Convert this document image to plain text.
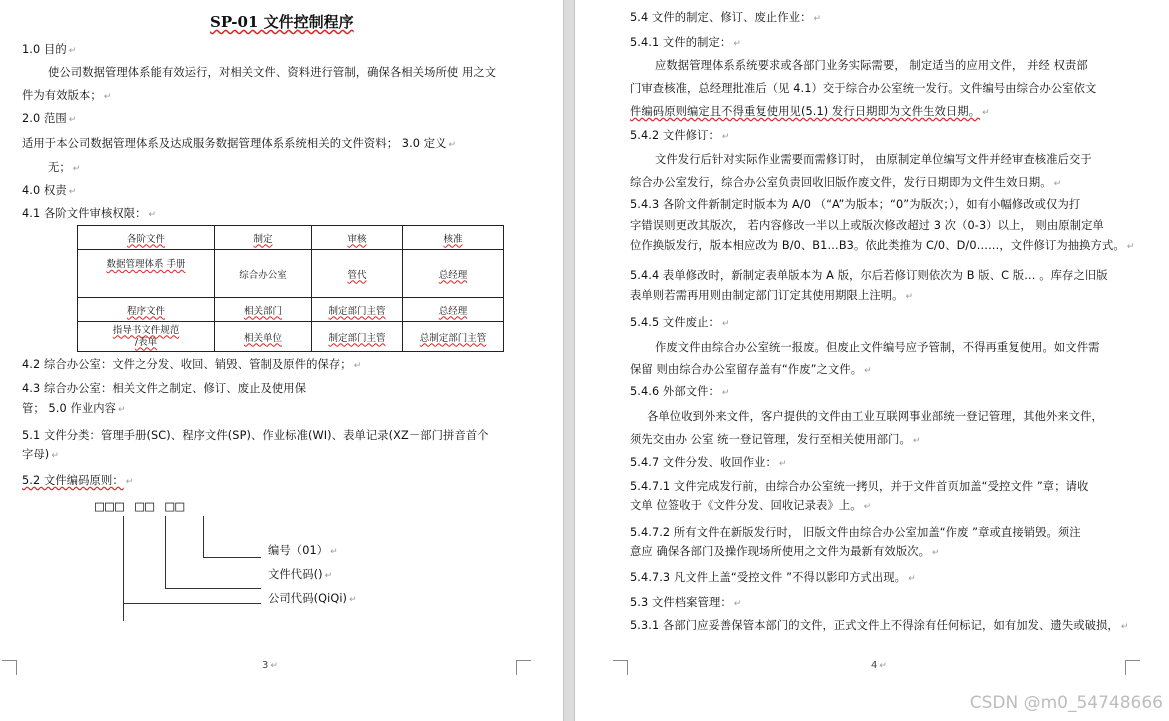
SP-01 文件控制程序
1.0 目的 ↵
使公司数据管理体系能有效运行，对相关文件、资料进行管制，确保各相关场所使 用之文
件为有效版本； ↵
2.0 范围 ↵
适用于本公司数据管理体系及达成服务数据管理体系系统相关的文件资料； 3.0 定义 ↵
无； ↵
4.0 权责 ↵
4.1 各阶文件审核权限： ↵
各阶文件	制定	审核	核准
数据管理体系 手册	综合办公室	管代	总经理
程序文件	相关部门	制定部门主管	总经理
指导书文件规范
/表单	相关单位	制定部门主管	总制定部门主管
4.2 综合办公室：文件之分发、收回、销毁、管制及原件的保存； ↵
4.3 综合办公室：相关文件之制定、修订、废止及使用保
管； 5.0 作业内容 ↵
5.1 文件分类：管理手册(SC)、程序文件(SP)、作业标准(WI)、表单记录(XZ－部门拼音首个
字母) ↵
5.2 文件编码原则： ↵
□□□ □□ □□
编号（01） ↵
文件代码() ↵
公司代码(QiQi) ↵
3 ↵
5.4 文件的制定、修订、废止作业： ↵
5.4.1 文件的制定： ↵
应数据管理体系系统要求或各部门业务实际需要， 制定适当的应用文件， 并经 权责部
门审查核准，总经理批准后（见 4.1）交于综合办公室统一发行。文件编号由综合办公室依文
件编码原则编定且不得重复使用见(5.1) 发行日期即为文件生效日期。 ↵
5.4.2 文件修订： ↵
文件发行后针对实际作业需要而需修订时， 由原制定单位编写文件并经审查核准后交于
综合办公室发行，综合办公室负责回收旧版作废文件，发行日期即为文件生效日期。 ↵
5.4.3 各阶文件新制定时版本为 A/0 （“A”为版本；“0”为版次；），如有小幅修改或仅为打
字错误则更改其版次， 若内容修改一半以上或版次修改超过 3 次（0-3）以上， 则由原制定单
位作换版发行，版本相应改为 B/0、B1…B3。依此类推为 C/0、D/0……，文件修订为抽换方式。 ↵
5.4.4 表单修改时，新制定表单版本为 A 版，尔后若修订则依次为 B 版、C 版… 。库存之旧版
表单则若需再用则由制定部门订定其使用期限上注明。 ↵
5.4.5 文件废止： ↵
作废文件由综合办公室统一报废。但废止文件编号应予管制，不得再重复使用。如文件需
保留 则由综合办公室留存盖有“作废”之文件。 ↵
5.4.6 外部文件： ↵
各单位收到外来文件，客户提供的文件由工业互联网事业部统一登记管理，其他外来文件，
须先交由办 公室 统一登记管理，发行至相关使用部门。 ↵
5.4.7 文件分发、收回作业： ↵
5.4.7.1 文件完成发行前，由综合办公室统一拷贝，并于文件首页加盖“受控文件 ”章；请收
文单 位签收于《文件分发、回收记录表》上。 ↵
5.4.7.2 所有文件在新版发行时， 旧版文件由综合办公室加盖“作废 ”章或直接销毁。须注
意应 确保各部门及操作现场所使用之文件为最新有效版次。 ↵
5.4.7.3 凡文件上盖“受控文件 ”不得以影印方式出现。 ↵
5.3 文件档案管理： ↵
5.3.1 各部门应妥善保管本部门的文件，正式文件上不得涂有任何标记，如有加发、遗失或破损， ↵
4 ↵
CSDN @m0_54748666
